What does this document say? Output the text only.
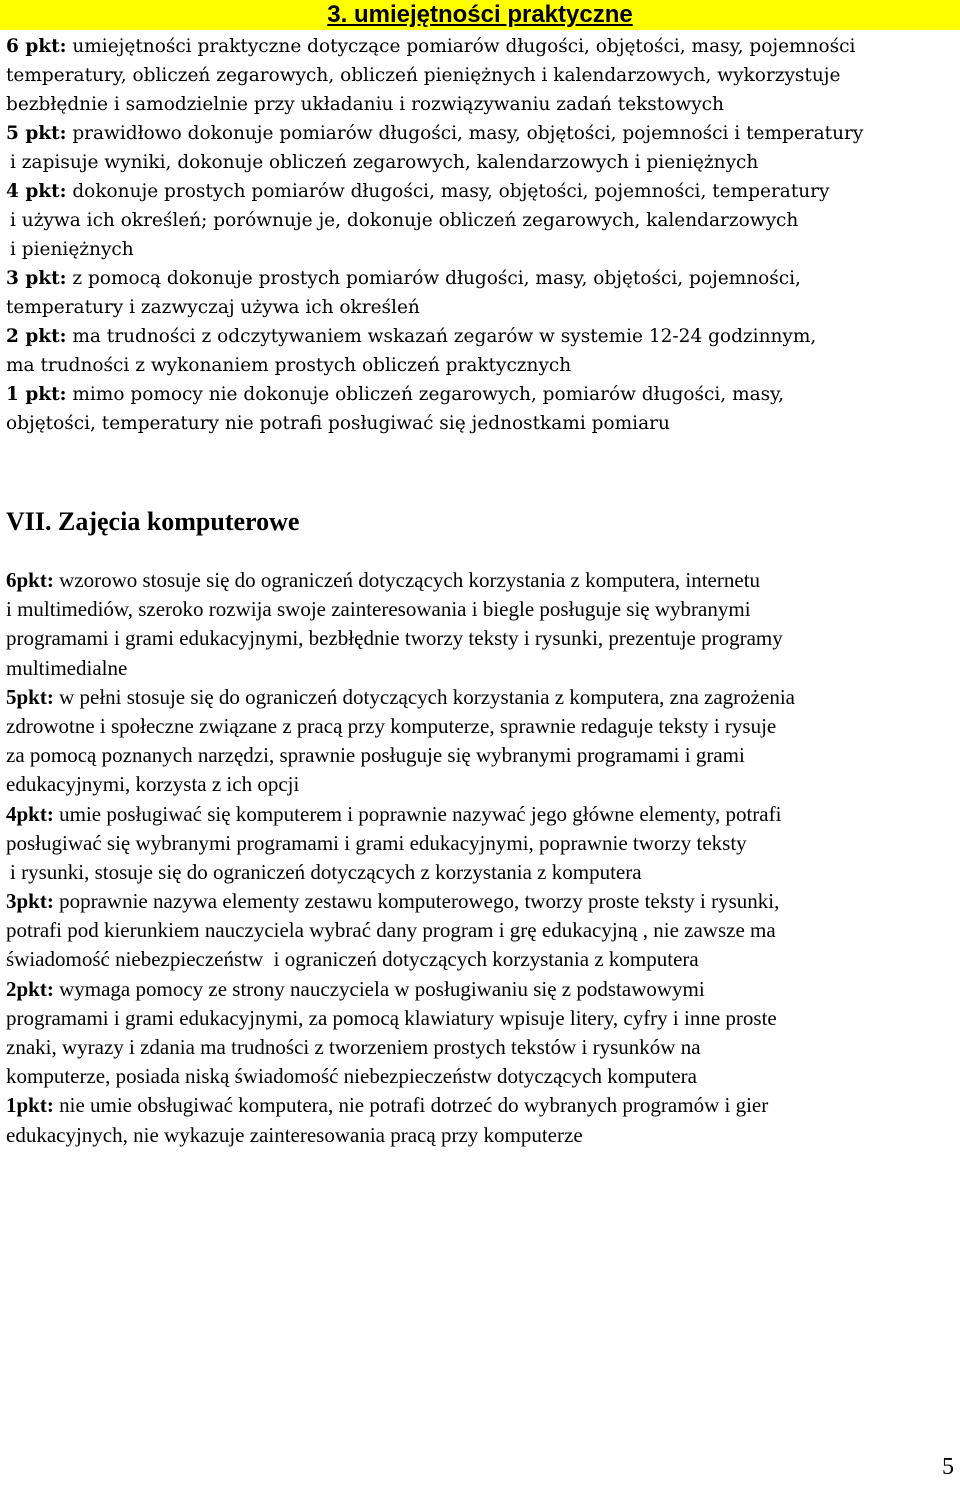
3. umiejętności praktyczne
6 pkt: umiejętności praktyczne dotyczące pomiarów długości, objętości, masy, pojemności
temperatury, obliczeń zegarowych, obliczeń pieniężnych i kalendarzowych, wykorzystuje
bezbłędnie i samodzielnie przy układaniu i rozwiązywaniu zadań tekstowych
5 pkt: prawidłowo dokonuje pomiarów długości, masy, objętości, pojemności i temperatury
i zapisuje wyniki, dokonuje obliczeń zegarowych, kalendarzowych i pieniężnych
4 pkt: dokonuje prostych pomiarów długości, masy, objętości, pojemności, temperatury
i używa ich określeń; porównuje je, dokonuje obliczeń zegarowych, kalendarzowych
i pieniężnych
3 pkt: z pomocą dokonuje prostych pomiarów długości, masy, objętości, pojemności,
temperatury i zazwyczaj używa ich określeń
2 pkt: ma trudności z odczytywaniem wskazań zegarów w systemie 12-24 godzinnym,
ma trudności z wykonaniem prostych obliczeń praktycznych
1 pkt: mimo pomocy nie dokonuje obliczeń zegarowych, pomiarów długości, masy,
objętości, temperatury nie potrafi posługiwać się jednostkami pomiaru
VII. Zajęcia komputerowe
6pkt: wzorowo stosuje się do ograniczeń dotyczących korzystania z komputera, internetu
i multimediów, szeroko rozwija swoje zainteresowania i biegle posługuje się wybranymi
programami i grami edukacyjnymi, bezbłędnie tworzy teksty i rysunki, prezentuje programy
multimedialne
5pkt: w pełni stosuje się do ograniczeń dotyczących korzystania z komputera, zna zagrożenia
zdrowotne i społeczne związane z pracą przy komputerze, sprawnie redaguje teksty i rysuje
za pomocą poznanych narzędzi, sprawnie posługuje się wybranymi programami i grami
edukacyjnymi, korzysta z ich opcji
4pkt: umie posługiwać się komputerem i poprawnie nazywać jego główne elementy, potrafi
posługiwać się wybranymi programami i grami edukacyjnymi, poprawnie tworzy teksty
i rysunki, stosuje się do ograniczeń dotyczących z korzystania z komputera
3pkt: poprawnie nazywa elementy zestawu komputerowego, tworzy proste teksty i rysunki,
potrafi pod kierunkiem nauczyciela wybrać dany program i grę edukacyjną , nie zawsze ma
świadomość niebezpieczeństw  i ograniczeń dotyczących korzystania z komputera
2pkt: wymaga pomocy ze strony nauczyciela w posługiwaniu się z podstawowymi
programami i grami edukacyjnymi, za pomocą klawiatury wpisuje litery, cyfry i inne proste
znaki, wyrazy i zdania ma trudności z tworzeniem prostych tekstów i rysunków na
komputerze, posiada niską świadomość niebezpieczeństw dotyczących komputera
1pkt: nie umie obsługiwać komputera, nie potrafi dotrzeć do wybranych programów i gier
edukacyjnych, nie wykazuje zainteresowania pracą przy komputerze
5
